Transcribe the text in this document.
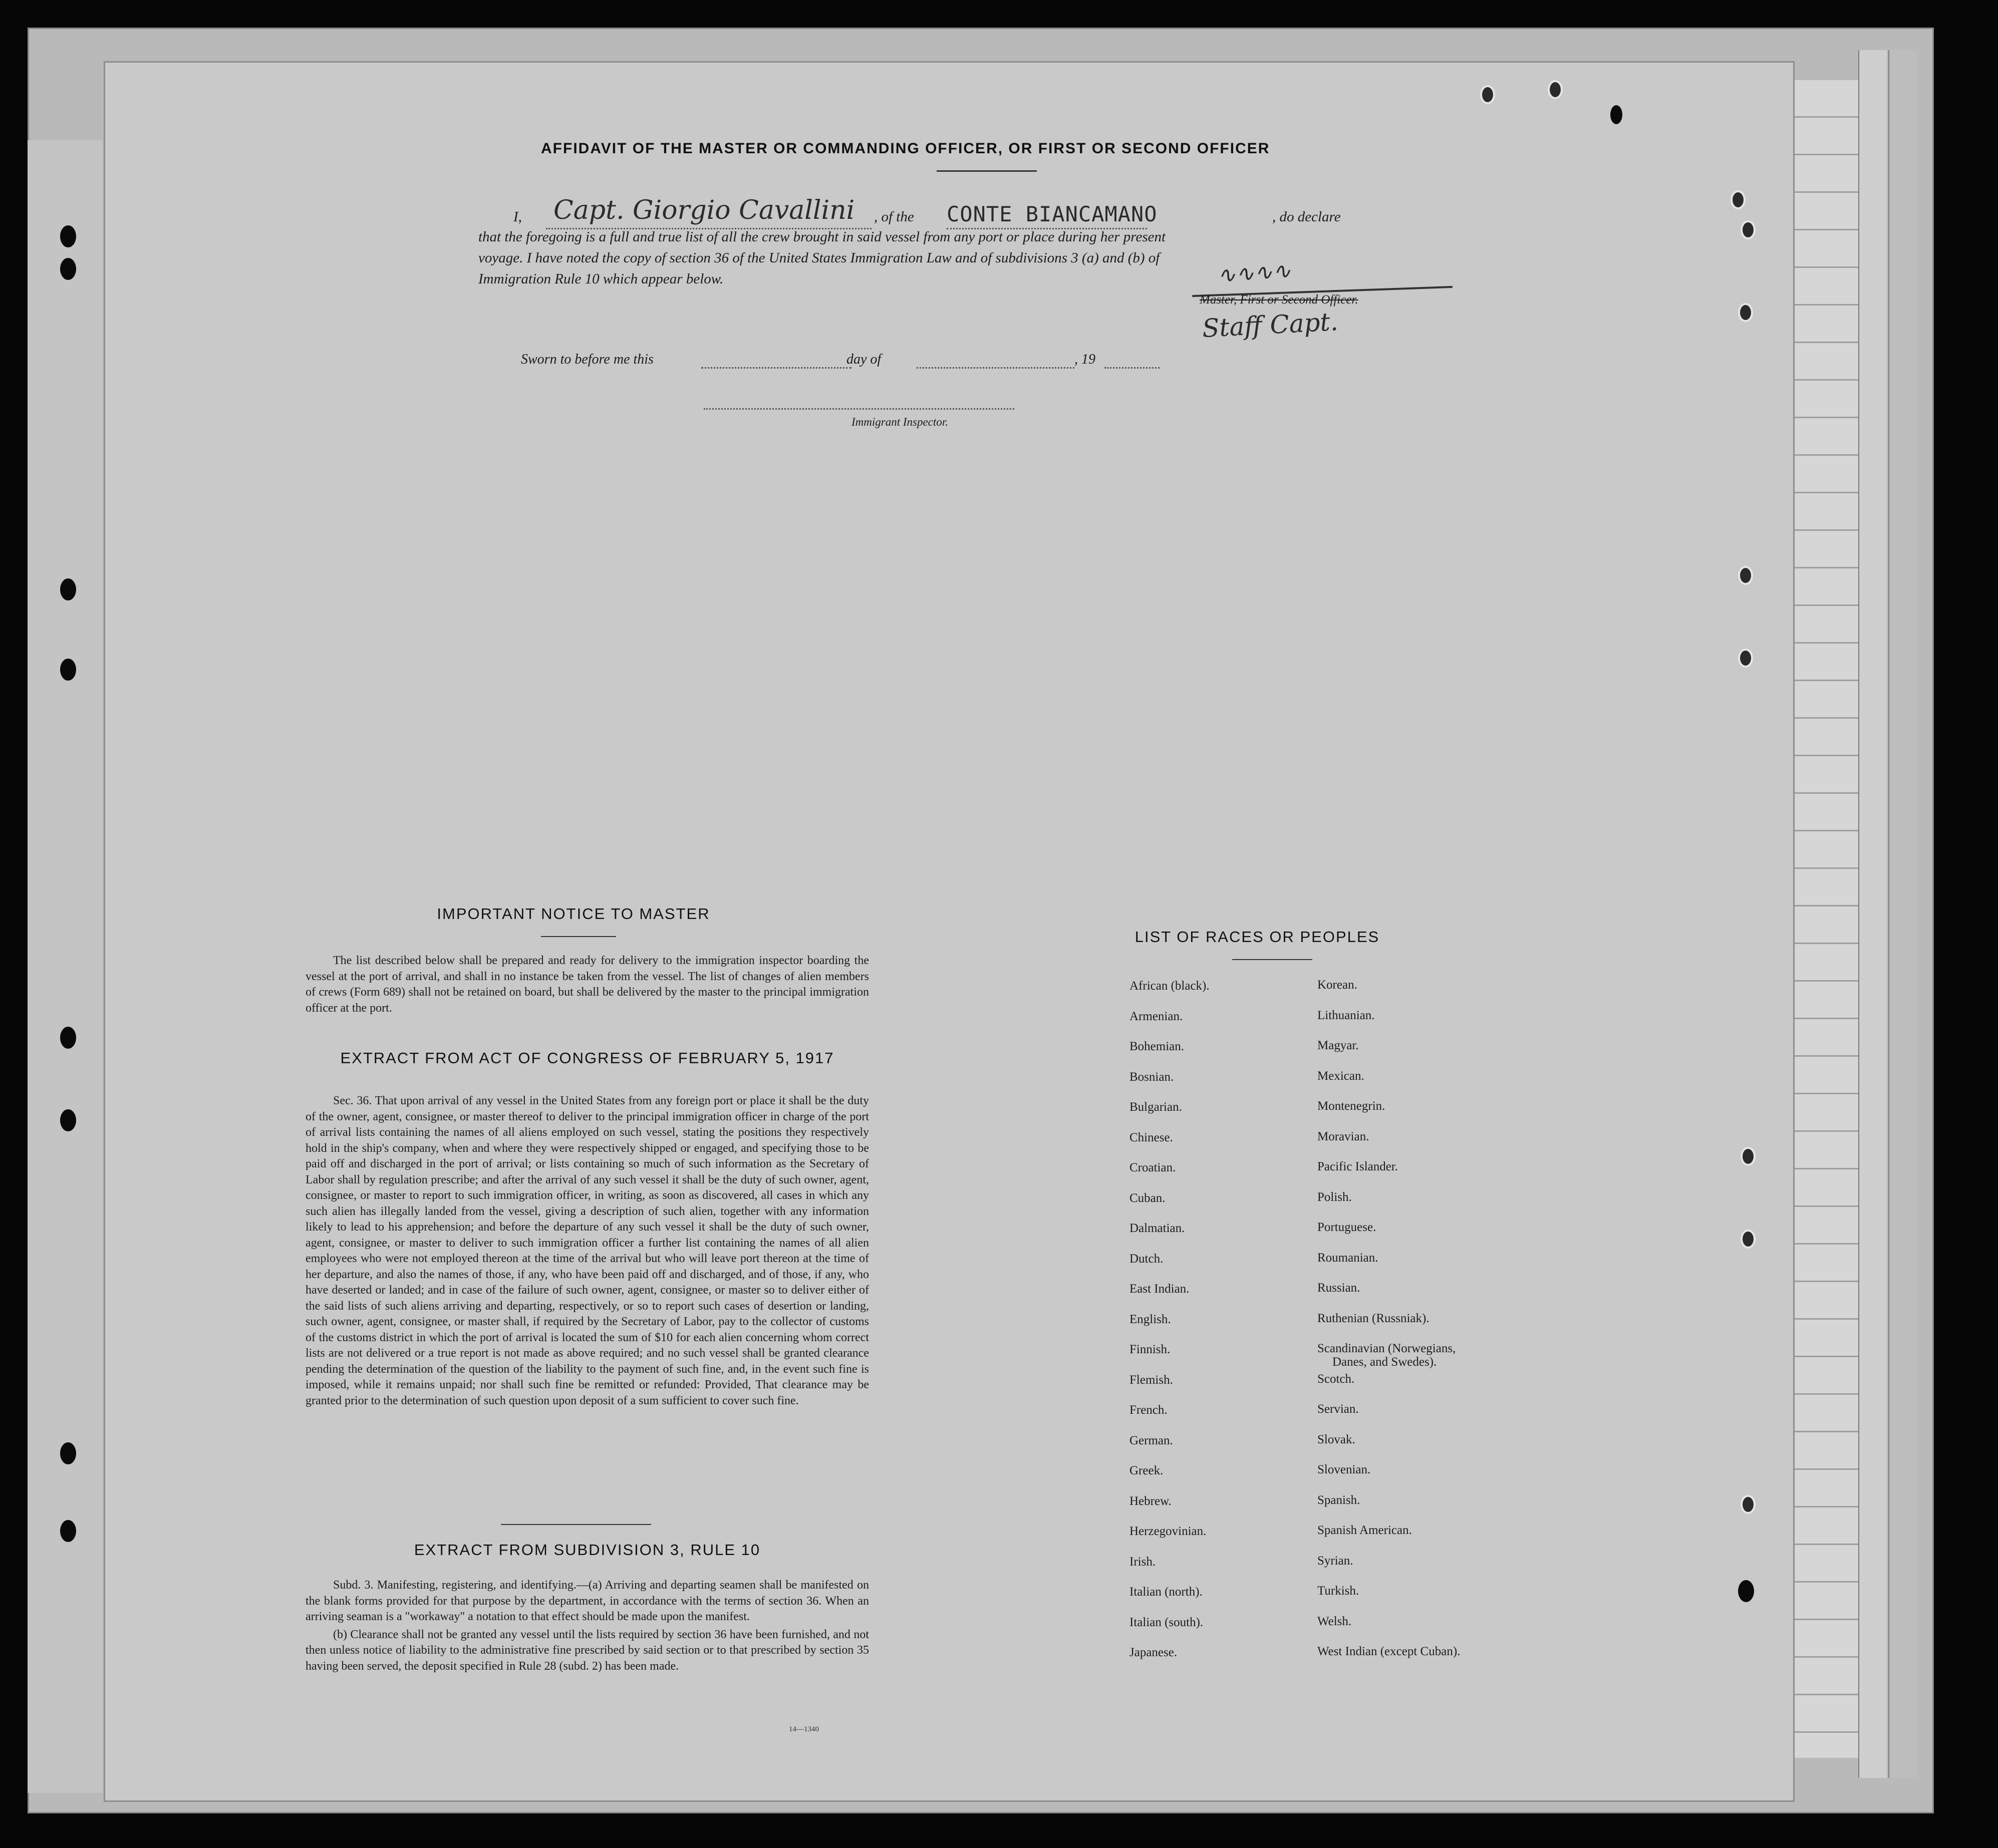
AFFIDAVIT OF THE MASTER OR COMMANDING OFFICER, OR FIRST OR SECOND OFFICER
I, Capt. Giorgio Cavallini , of the CONTE BIANCAMANO	, do declare
that the foregoing is a full and true list of all the crew brought in said vessel from any port or place during her present
voyage. I have noted the copy of section 36 of the United States Immigration Law and of subdivisions 3 (a) and (b) of
Immigration Rule 10 which appear below.	∿∿∿∿
Master, First or Second Officer.
Staff Capt.
Sworn to before me this	day of	, 19
Immigrant Inspector.
IMPORTANT NOTICE TO MASTER

The list described below shall be prepared and ready for delivery to the immigration inspector boarding the vessel at the port of arrival, and shall in no instance be taken from the vessel. The list of changes of alien members of crews (Form 689) shall not be retained on board, but shall be delivered by the master to the principal immigration officer at the port.

EXTRACT FROM ACT OF CONGRESS OF FEBRUARY 5, 1917

Sec. 36. That upon arrival of any vessel in the United States from any foreign port or place it shall be the duty of the owner, agent, consignee, or master thereof to deliver to the principal immigration officer in charge of the port of arrival lists containing the names of all aliens employed on such vessel, stating the positions they respectively hold in the ship's company, when and where they were respectively shipped or engaged, and specifying those to be paid off and discharged in the port of arrival; or lists containing so much of such information as the Secretary of Labor shall by regulation prescribe; and after the arrival of any such vessel it shall be the duty of such owner, agent, consignee, or master to report to such immigration officer, in writing, as soon as discovered, all cases in which any such alien has illegally landed from the vessel, giving a description of such alien, together with any information likely to lead to his apprehension; and before the departure of any such vessel it shall be the duty of such owner, agent, consignee, or master to deliver to such immigration officer a further list containing the names of all alien employees who were not employed thereon at the time of the arrival but who will leave port thereon at the time of her departure, and also the names of those, if any, who have been paid off and discharged, and of those, if any, who have deserted or landed; and in case of the failure of such owner, agent, consignee, or master so to deliver either of the said lists of such aliens arriving and departing, respectively, or so to report such cases of desertion or landing, such owner, agent, consignee, or master shall, if required by the Secretary of Labor, pay to the collector of customs of the customs district in which the port of arrival is located the sum of $10 for each alien concerning whom correct lists are not delivered or a true report is not made as above required; and no such vessel shall be granted clearance pending the determination of the question of the liability to the payment of such fine, and, in the event such fine is imposed, while it remains unpaid; nor shall such fine be remitted or refunded: Provided, That clearance may be granted prior to the determination of such question upon deposit of a sum sufficient to cover such fine.

EXTRACT FROM SUBDIVISION 3, RULE 10

Subd. 3. Manifesting, registering, and identifying.—(a) Arriving and departing seamen shall be manifested on the blank forms provided for that purpose by the department, in accordance with the terms of section 36. When an arriving seaman is a "workaway" a notation to that effect should be made upon the manifest.

(b) Clearance shall not be granted any vessel until the lists required by section 36 have been furnished, and not then unless notice of liability to the administrative fine prescribed by said section or to that prescribed by section 35 having been served, the deposit specified in Rule 28 (subd. 2) has been made.

14—1340
LIST OF RACES OR PEOPLES
African (black).
Armenian.
Bohemian.
Bosnian.
Bulgarian.
Chinese.
Croatian.
Cuban.
Dalmatian.
Dutch.
East Indian.
English.
Finnish.
Flemish.
French.
German.
Greek.
Hebrew.
Herzegovinian.
Irish.
Italian (north).
Italian (south).
Japanese.
Korean.
Lithuanian.
Magyar.
Mexican.
Montenegrin.
Moravian.
Pacific Islander.
Polish.
Portuguese.
Roumanian.
Russian.
Ruthenian (Russniak).
Scandinavian (Norwegians,
Danes, and Swedes).
Scotch.
Servian.
Slovak.
Slovenian.
Spanish.
Spanish American.
Syrian.
Turkish.
Welsh.
West Indian (except Cuban).
